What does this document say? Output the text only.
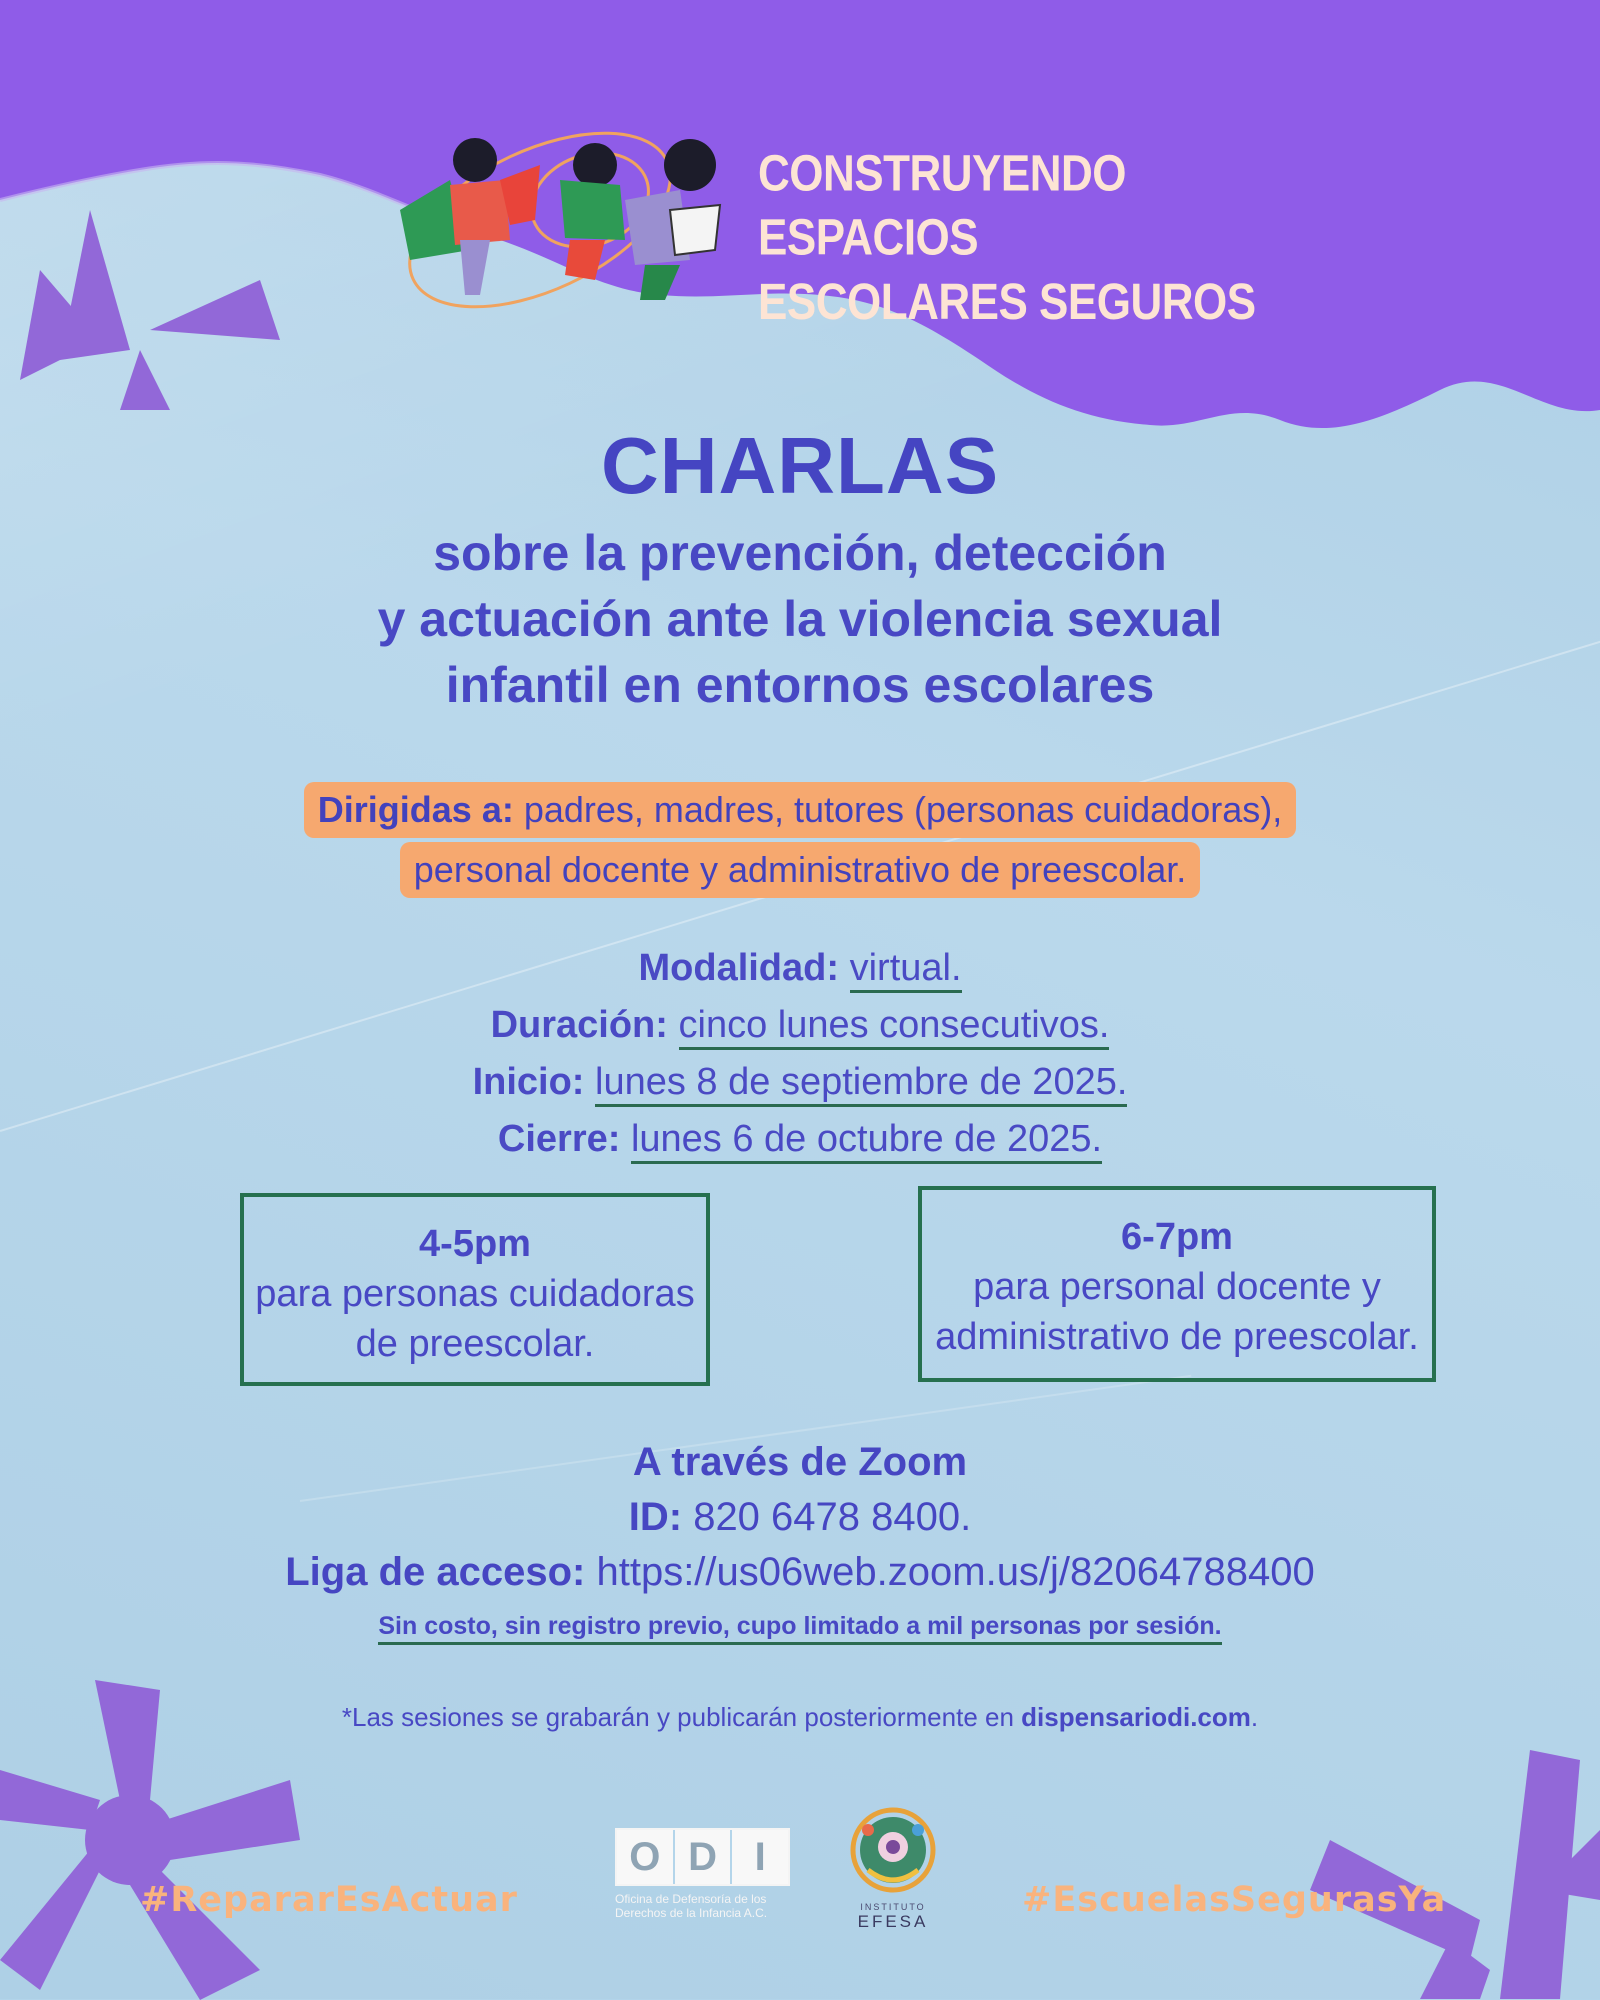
CONSTRUYENDO ESPACIOS
ESCOLARES SEGUROS
CHARLAS
sobre la prevención, detección
y actuación ante la violencia sexual
infantil en entornos escolares
Dirigidas a: padres, madres, tutores (personas cuidadoras),
personal docente y administrativo de preescolar.
Modalidad: virtual.
Duración: cinco lunes consecutivos.
Inicio: lunes 8 de septiembre de 2025.
Cierre: lunes 6 de octubre de 2025.
4-5pm
para personas cuidadoras
de preescolar.
6-7pm
para personal docente y
administrativo de preescolar.
A través de Zoom
ID: 820 6478 8400.
Liga de acceso: https://us06web.zoom.us/j/82064788400
Sin costo, sin registro previo, cupo limitado a mil personas por sesión.
*Las sesiones se grabarán y publicarán posteriormente en dispensariodi.com.
#RepararEsActuar	#EscuelasSegurasYa
O D I
Oficina de Defensoría de los Derechos de la Infancia A.C.	INSTITUTO
EFESA
